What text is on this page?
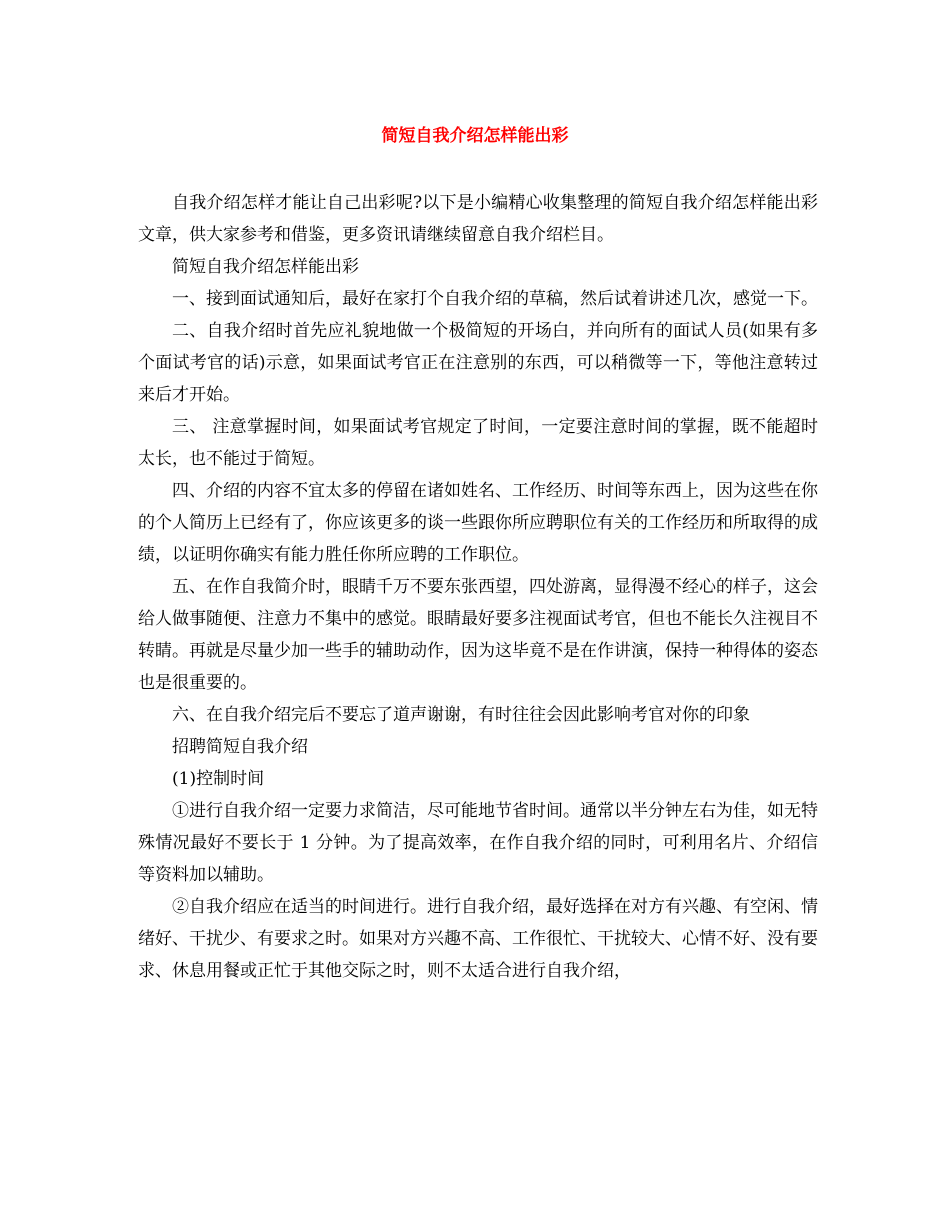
简短自我介绍怎样能出彩

自我介绍怎样才能让自己出彩呢?以下是小编精心收集整理的简短自我介绍怎样能出彩文章，供大家参考和借鉴，更多资讯请继续留意自我介绍栏目。

简短自我介绍怎样能出彩

一、接到面试通知后，最好在家打个自我介绍的草稿，然后试着讲述几次，感觉一下。

二、自我介绍时首先应礼貌地做一个极简短的开场白，并向所有的面试人员(如果有多个面试考官的话)示意，如果面试考官正在注意别的东西，可以稍微等一下，等他注意转过来后才开始。

三、 注意掌握时间，如果面试考官规定了时间，一定要注意时间的掌握，既不能超时太长，也不能过于简短。

四、介绍的内容不宜太多的停留在诸如姓名、工作经历、时间等东西上，因为这些在你的个人简历上已经有了，你应该更多的谈一些跟你所应聘职位有关的工作经历和所取得的成绩，以证明你确实有能力胜任你所应聘的工作职位。

五、在作自我简介时，眼睛千万不要东张西望，四处游离，显得漫不经心的样子，这会给人做事随便、注意力不集中的感觉。眼睛最好要多注视面试考官，但也不能长久注视目不转睛。再就是尽量少加一些手的辅助动作，因为这毕竟不是在作讲演，保持一种得体的姿态也是很重要的。

六、在自我介绍完后不要忘了道声谢谢，有时往往会因此影响考官对你的印象

招聘简短自我介绍

(1)控制时间

①进行自我介绍一定要力求简洁，尽可能地节省时间。通常以半分钟左右为佳，如无特殊情况最好不要长于 1 分钟。为了提高效率，在作自我介绍的同时，可利用名片、介绍信等资料加以辅助。

②自我介绍应在适当的时间进行。进行自我介绍，最好选择在对方有兴趣、有空闲、情绪好、干扰少、有要求之时。如果对方兴趣不高、工作很忙、干扰较大、心情不好、没有要求、休息用餐或正忙于其他交际之时，则不太适合进行自我介绍，
